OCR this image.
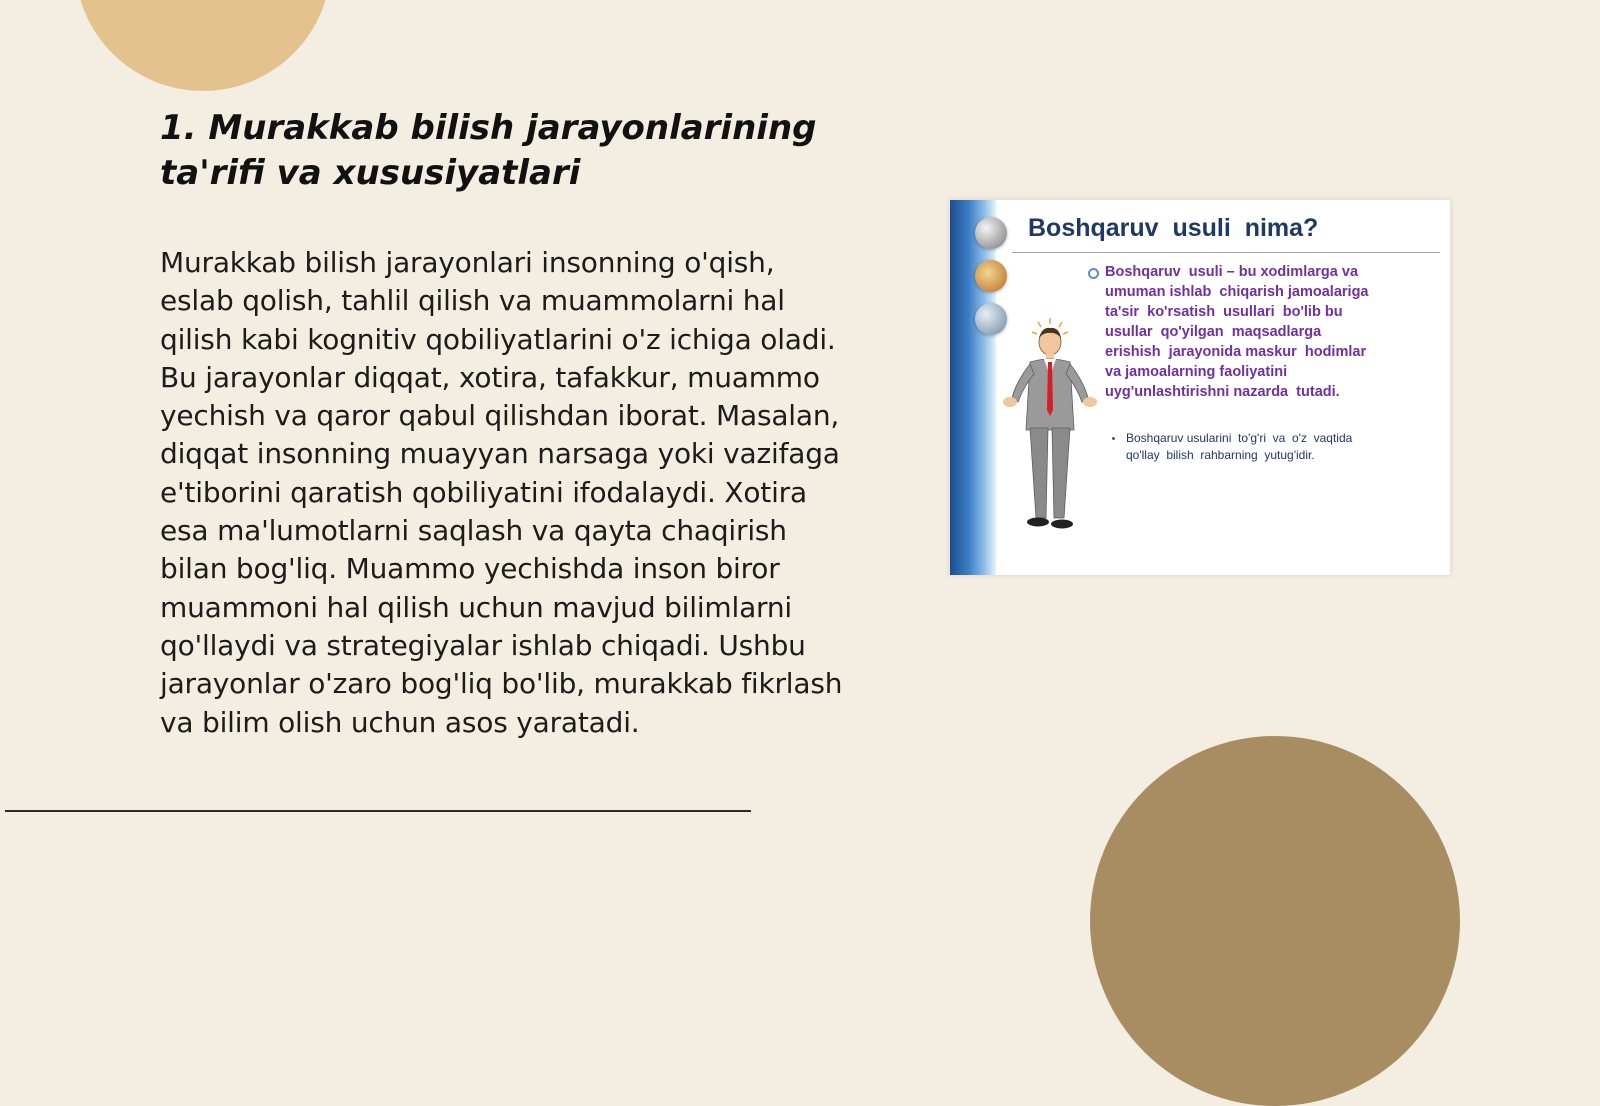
1. Murakkab bilish jarayonlarining
ta'rifi va xususiyatlari

Murakkab bilish jarayonlari insonning o'qish, eslab qolish, tahlil qilish va muammolarni hal qilish kabi kognitiv qobiliyatlarini o'z ichiga oladi. Bu jarayonlar diqqat, xotira, tafakkur, muammo yechish va qaror qabul qilishdan iborat. Masalan, diqqat insonning muayyan narsaga yoki vazifaga e'tiborini qaratish qobiliyatini ifodalaydi. Xotira esa ma'lumotlarni saqlash va qayta chaqirish bilan bog'liq. Muammo yechishda inson biror muammoni hal qilish uchun mavjud bilimlarni qo'llaydi va strategiyalar ishlab chiqadi. Ushbu jarayonlar o'zaro bog'liq bo'lib, murakkab fikrlash va bilim olish uchun asos yaratadi.

Boshqaruv  usuli  nima?
Boshqaruv  usuli – bu xodimlarga va
umuman ishlab  chiqarish jamoalariga
ta'sir  ko'rsatish  usullari  bo'lib bu
usullar  qo'yilgan  maqsadlarga
erishish  jarayonida maskur  hodimlar
va jamoalarning faoliyatini
uyg'unlashtirishni nazarda  tutadi.
Boshqaruv usularini  to'g'ri  va  o'z  vaqtida
qo'llay  bilish  rahbarning  yutug'idir.
